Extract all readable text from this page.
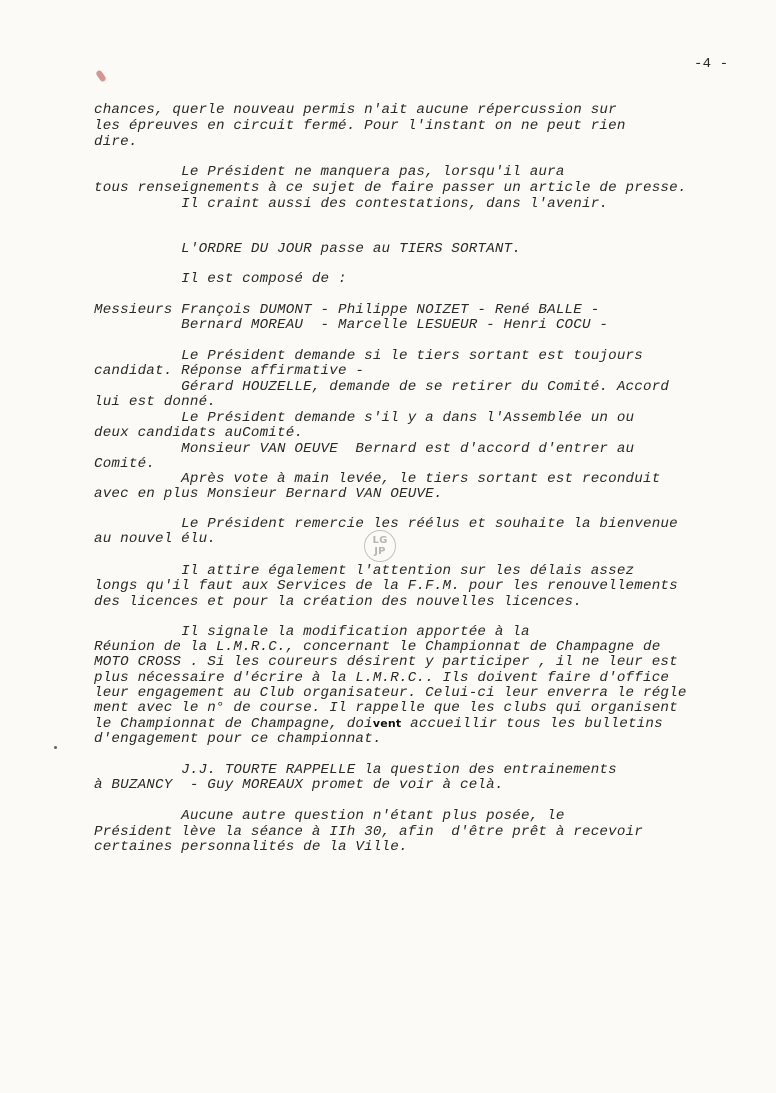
-4 -
LG
JP
chances, querle nouveau permis n'ait aucune répercussion sur
les épreuves en circuit fermé. Pour l'instant on ne peut rien
dire.
Le Président ne manquera pas, lorsqu'il aura
tous renseignements à ce sujet de faire passer un article de presse.
Il craint aussi des contestations, dans l'avenir.
L'ORDRE DU JOUR passe au TIERS SORTANT.
Il est composé de :
Messieurs François DUMONT - Philippe NOIZET - René BALLE -
Bernard MOREAU  - Marcelle LESUEUR - Henri COCU -
Le Président demande si le tiers sortant est toujours
candidat. Réponse affirmative -
Gérard HOUZELLE, demande de se retirer du Comité. Accord
lui est donné.
Le Président demande s'il y a dans l'Assemblée un ou
deux candidats auComité.
Monsieur VAN OEUVE  Bernard est d'accord d'entrer au
Comité.
Après vote à main levée, le tiers sortant est reconduit
avec en plus Monsieur Bernard VAN OEUVE.
Le Président remercie les réélus et souhaite la bienvenue
au nouvel élu.
Il attire également l'attention sur les délais assez
longs qu'il faut aux Services de la F.F.M. pour les renouvellements
des licences et pour la création des nouvelles licences.
Il signale la modification apportée à la
Réunion de la L.M.R.C., concernant le Championnat de Champagne de
MOTO CROSS . Si les coureurs désirent y participer , il ne leur est
plus nécessaire d'écrire à la L.M.R.C.. Ils doivent faire d'office
leur engagement au Club organisateur. Celui-ci leur enverra le régle
ment avec le n° de course. Il rappelle que les clubs qui organisent
le Championnat de Champagne, doivent accueillir tous les bulletins
d'engagement pour ce championnat.
J.J. TOURTE RAPPELLE la question des entrainements
à BUZANCY  - Guy MOREAUX promet de voir à celà.
Aucune autre question n'étant plus posée, le
Président lève la séance à IIh 30, afin  d'être prêt à recevoir
certaines personnalités de la Ville.
